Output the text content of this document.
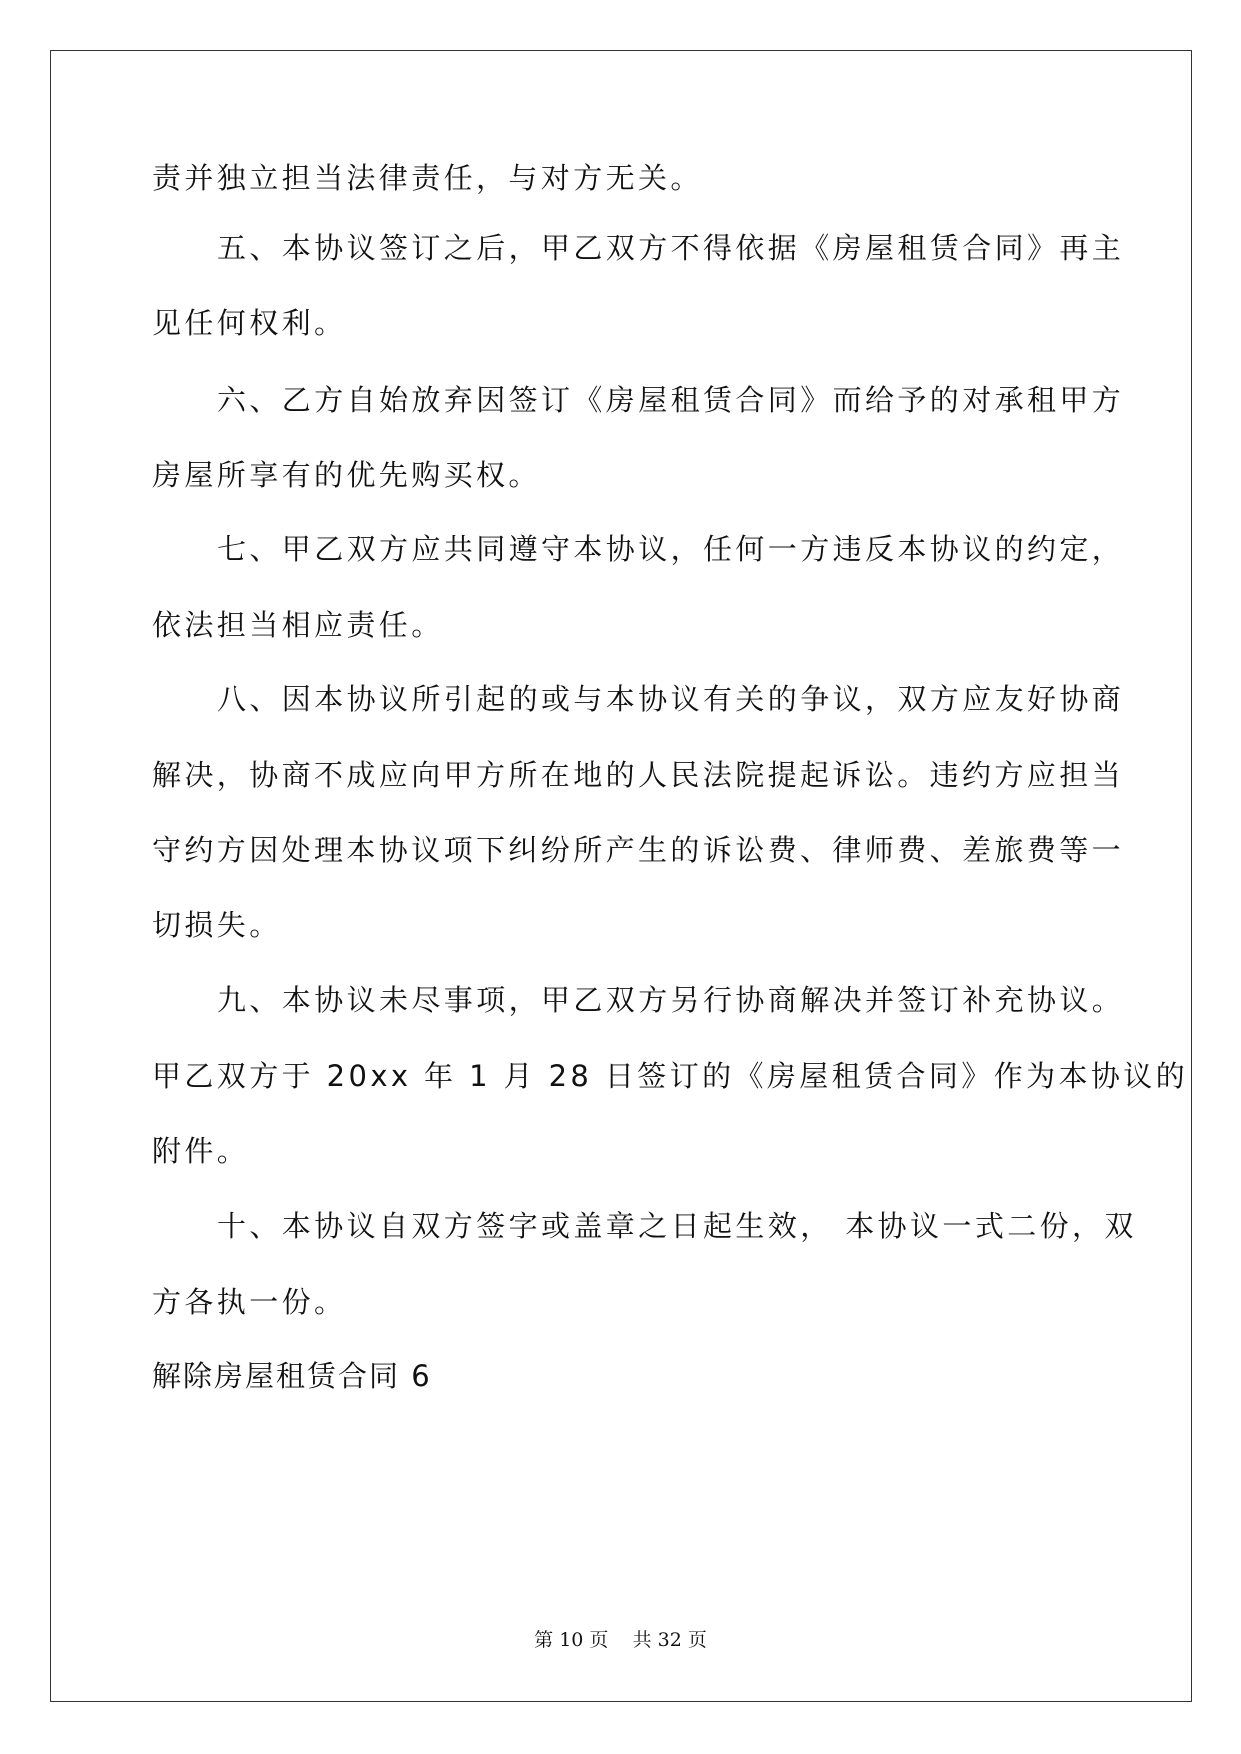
责并独立担当法律责任，与对方无关。
五、本协议签订之后，甲乙双方不得依据《房屋租赁合同》再主
见任何权利。
六、乙方自始放弃因签订《房屋租赁合同》而给予的对承租甲方
房屋所享有的优先购买权。
七、甲乙双方应共同遵守本协议，任何一方违反本协议的约定，
依法担当相应责任。
八、因本协议所引起的或与本协议有关的争议，双方应友好协商
解决，协商不成应向甲方所在地的人民法院提起诉讼。违约方应担当
守约方因处理本协议项下纠纷所产生的诉讼费、律师费、差旅费等一
切损失。
九、本协议未尽事项，甲乙双方另行协商解决并签订补充协议。
甲乙双方于 20xx 年 1 月 28 日签订的《房屋租赁合同》作为本协议的
附件。
十、本协议自双方签字或盖章之日起生效， 本协议一式二份，双
方各执一份。
解除房屋租赁合同 6
第 10 页    共 32 页
